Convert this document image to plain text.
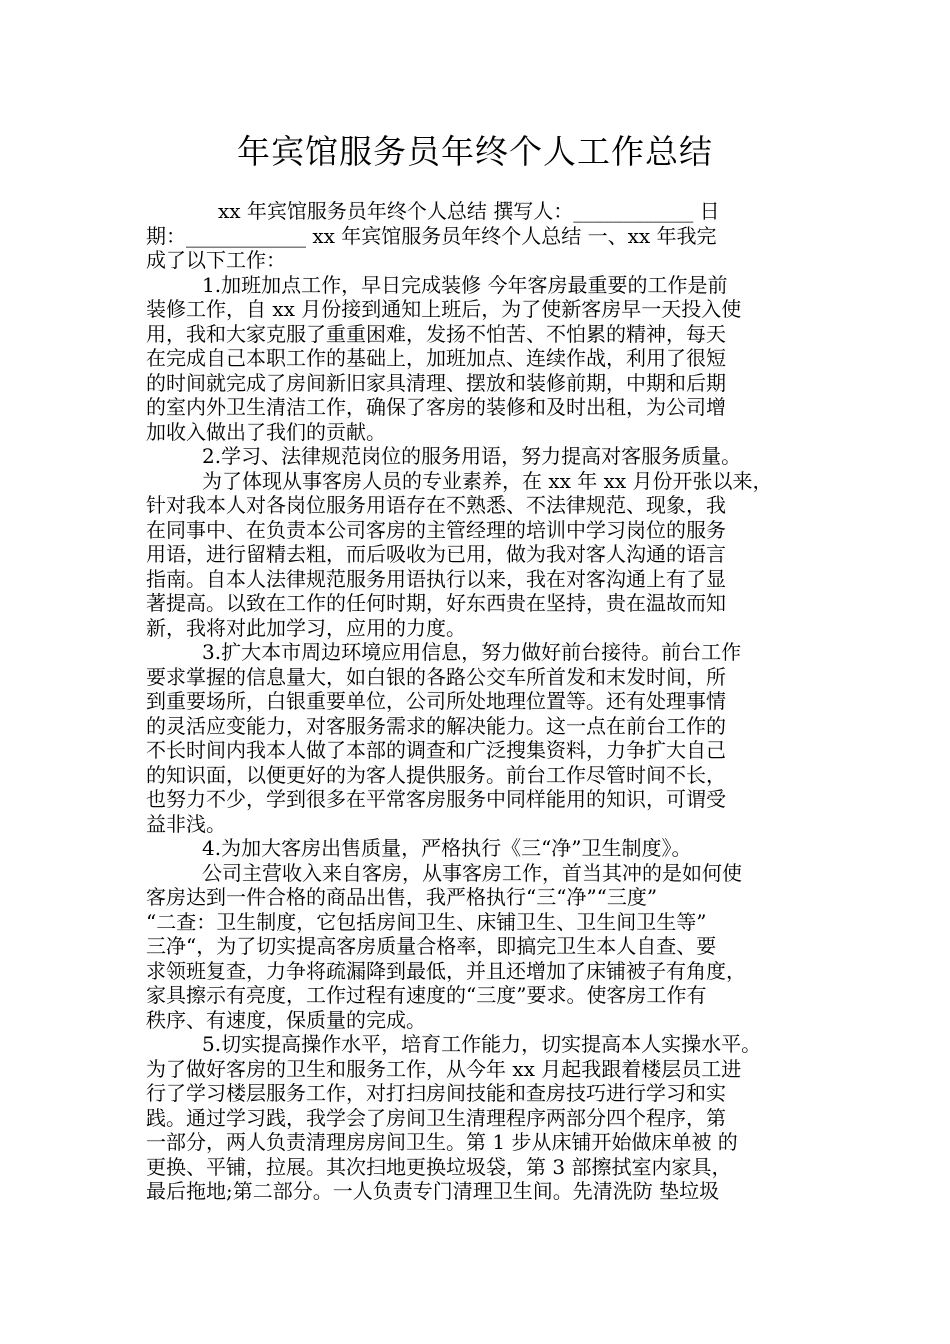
年宾馆服务员年终个人工作总结
xx 年宾馆服务员年终个人总结 撰写人：____________ 日
期：____________ xx 年宾馆服务员年终个人总结 一、xx 年我完
成了以下工作：
1.加班加点工作，早日完成装修 今年客房最重要的工作是前
装修工作，自 xx 月份接到通知上班后，为了使新客房早一天投入使
用，我和大家克服了重重困难，发扬不怕苦、不怕累的精神，每天
在完成自己本职工作的基础上，加班加点、连续作战，利用了很短
的时间就完成了房间新旧家具清理、摆放和装修前期，中期和后期
的室内外卫生清洁工作，确保了客房的装修和及时出租，为公司增
加收入做出了我们的贡献。
2.学习、法律规范岗位的服务用语，努力提高对客服务质量。
为了体现从事客房人员的专业素养，在 xx 年 xx 月份开张以来，
针对我本人对各岗位服务用语存在不熟悉、不法律规范、现象，我
在同事中、在负责本公司客房的主管经理的培训中学习岗位的服务
用语，进行留精去粗，而后吸收为已用，做为我对客人沟通的语言
指南。自本人法律规范服务用语执行以来，我在对客沟通上有了显
著提高。以致在工作的任何时期，好东西贵在坚持，贵在温故而知
新，我将对此加学习，应用的力度。
3.扩大本市周边环境应用信息，努力做好前台接待。前台工作
要求掌握的信息量大，如白银的各路公交车所首发和末发时间，所
到重要场所，白银重要单位，公司所处地理位置等。还有处理事情
的灵活应变能力，对客服务需求的解决能力。这一点在前台工作的
不长时间内我本人做了本部的调查和广泛搜集资料，力争扩大自己
的知识面，以便更好的为客人提供服务。前台工作尽管时间不长，
也努力不少，学到很多在平常客房服务中同样能用的知识，可谓受
益非浅。
4.为加大客房出售质量，严格执行《三“净”卫生制度》。
公司主营收入来自客房，从事客房工作，首当其冲的是如何使
客房达到一件合格的商品出售，我严格执行“三“净”“三度”
“二查：卫生制度，它包括房间卫生、床铺卫生、卫生间卫生等”
三净“，为了切实提高客房质量合格率，即搞完卫生本人自查、要
求领班复查，力争将疏漏降到最低，并且还增加了床铺被子有角度，
家具擦示有亮度，工作过程有速度的“三度”要求。使客房工作有
秩序、有速度，保质量的完成。
5.切实提高操作水平，培育工作能力，切实提高本人实操水平。
为了做好客房的卫生和服务工作，从今年 xx 月起我跟着楼层员工进
行了学习楼层服务工作，对打扫房间技能和查房技巧进行学习和实
践。通过学习践，我学会了房间卫生清理程序两部分四个程序，第
一部分，两人负责清理房房间卫生。第 1 步从床铺开始做床单被 的
更换、平铺，拉展。其次扫地更换垃圾袋，第 3 部擦拭室内家具，
最后拖地;第二部分。一人负责专门清理卫生间。先清洗防 垫垃圾
